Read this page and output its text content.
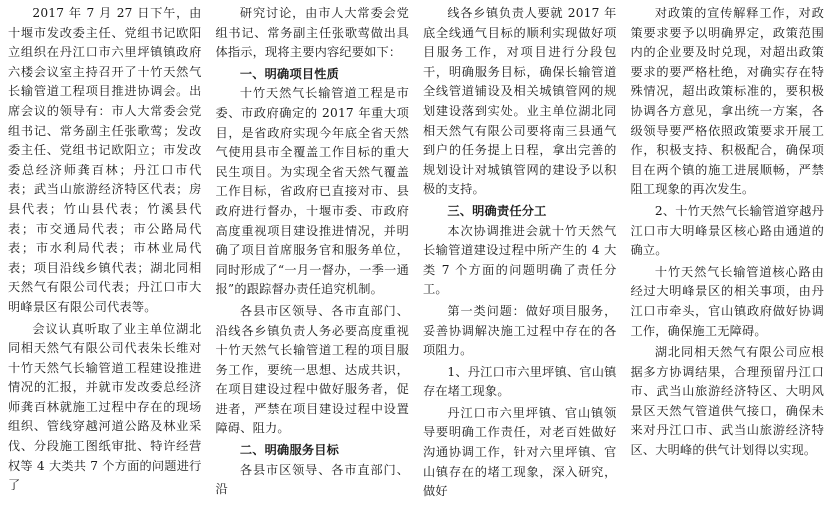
2017 年 7 月 27 日下午，由十堰市发改委主任、党组书记欧阳立组织在丹江口市六里坪镇镇政府六楼会议室主持召开了十竹天然气长输管道工程项目推进协调会。出席会议的领导有：市人大常委会党组书记、常务副主任张歌莺；发改委主任、党组书记欧阳立；市发改委总经济师龚百林；丹江口市代表；武当山旅游经济特区代表；房县代表；竹山县代表；竹溪县代表；市交通局代表；市公路局代表；市水利局代表；市林业局代表；项目沿线乡镇代表；湖北同相天然气有限公司代表；丹江口市大明峰景区有限公司代表等。

会议认真听取了业主单位湖北同相天然气有限公司代表朱长维对十竹天然气长输管道工程建设推进情况的汇报，并就市发改委总经济师龚百林就施工过程中存在的现场组织、管线穿越河道公路及林业采伐、分段施工图纸审批、特许经营权等 4 大类共 7 个方面的问题进行了

研究讨论，由市人大常委会党组书记、常务副主任张歌莺做出具体指示，现将主要内容纪要如下：

一、明确项目性质

十竹天然气长输管道工程是市委、市政府确定的 2017 年重大项目，是省政府实现今年底全省天然气使用县市全覆盖工作目标的重大民生项目。为实现全省天然气覆盖工作目标，省政府已直接对市、县政府进行督办，十堰市委、市政府高度重视项目建设推进情况，并明确了项目首席服务官和服务单位，同时形成了“一月一督办，一季一通报”的跟踪督办责任追究机制。

各县市区领导、各市直部门、沿线各乡镇负责人务必要高度重视十竹天然气长输管道工程的项目服务工作，要统一思想、达成共识，在项目建设过程中做好服务者，促进者，严禁在项目建设过程中设置障碍、阻力。

二、明确服务目标

各县市区领导、各市直部门、沿

线各乡镇负责人要就 2017 年底全线通气目标的顺利实现做好项目服务工作，对项目进行分段包干，明确服务目标，确保长输管道全线管道铺设及相关城镇管网的规划建设落到实处。业主单位湖北同相天然气有限公司要将南三县通气到户的任务提上日程，拿出完善的规划设计对城镇管网的建设予以积极的支持。

三、明确责任分工

本次协调推进会就十竹天然气长输管道建设过程中所产生的 4 大类 7 个方面的问题明确了责任分工。

第一类问题：做好项目服务，妥善协调解决施工过程中存在的各项阻力。

1、丹江口市六里坪镇、官山镇存在堵工现象。

丹江口市六里坪镇、官山镇领导要明确工作责任，对老百姓做好沟通协调工作，针对六里坪镇、官山镇存在的堵工现象，深入研究，做好

对政策的宣传解释工作，对政策要求要予以明确界定，政策范围内的企业要及时兑现，对超出政策要求的要严格杜绝，对确实存在特殊情况，超出政策标准的，要积极协调各方意见，拿出统一方案，各级领导要严格依照政策要求开展工作，积极支持、积极配合，确保项目在两个镇的施工进展顺畅，严禁阻工现象的再次发生。

2、十竹天然气长输管道穿越丹江口市大明峰景区核心路由通道的确立。

十竹天然气长输管道核心路由经过大明峰景区的相关事项，由丹江口市牵头，官山镇政府做好协调工作，确保施工无障碍。

湖北同相天然气有限公司应根据多方协调结果，合理预留丹江口市、武当山旅游经济特区、大明风景区天然气管道供气接口，确保未来对丹江口市、武当山旅游经济特区、大明峰的供气计划得以实现。
